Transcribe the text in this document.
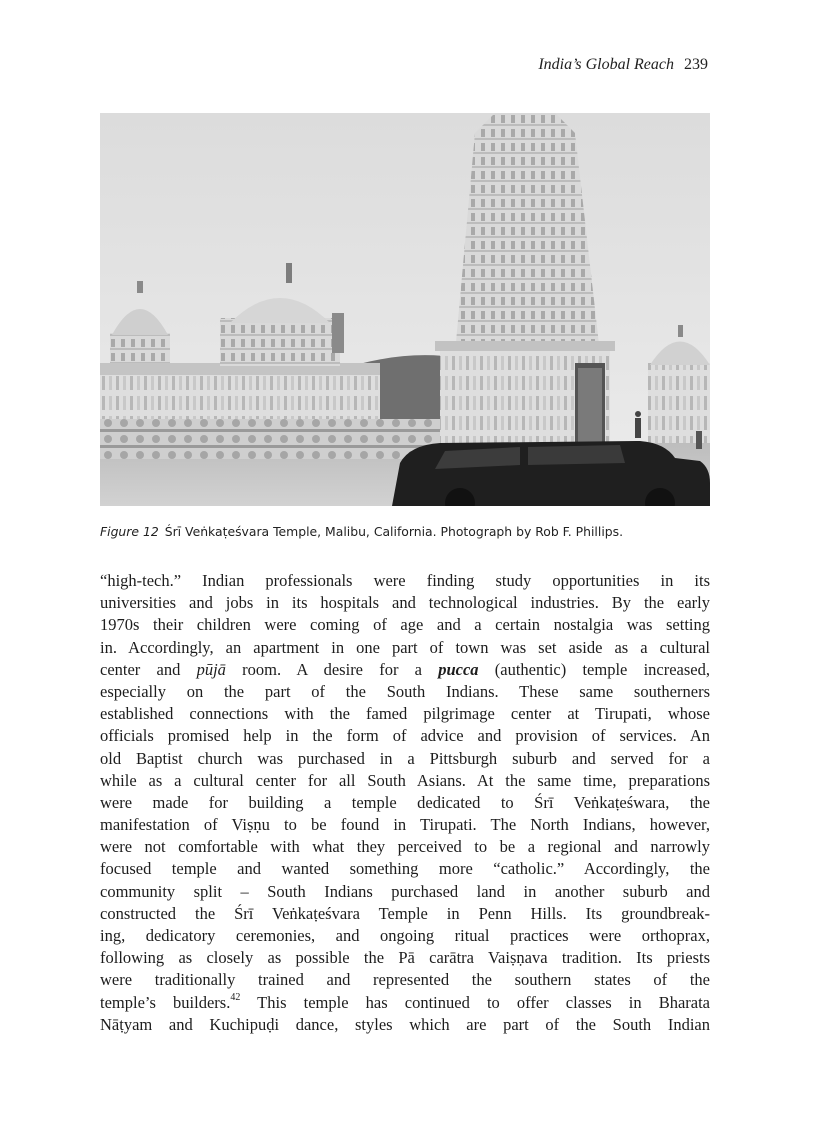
India’s Global Reach 239
Figure 12 Śrī Veṅkaṭeśvara Temple, Malibu, California. Photograph by Rob F. Phillips.
“high-tech.” Indian professionals were finding study opportunities in its
universities and jobs in its hospitals and technological industries. By the early
1970s their children were coming of age and a certain nostalgia was setting
in. Accordingly, an apartment in one part of town was set aside as a cultural
center and pūjā room. A desire for a pucca (authentic) temple increased,
especially on the part of the South Indians. These same southerners
established connections with the famed pilgrimage center at Tirupati, whose
officials promised help in the form of advice and provision of services. An
old Baptist church was purchased in a Pittsburgh suburb and served for a
while as a cultural center for all South Asians. At the same time, preparations
were made for building a temple dedicated to Śrī Veṅkaṭeśwara, the
manifestation of Viṣṇu to be found in Tirupati. The North Indians, however,
were not comfortable with what they perceived to be a regional and narrowly
focused temple and wanted something more “catholic.” Accordingly, the
community split – South Indians purchased land in another suburb and
constructed the Śrī Veṅkaṭeśvara Temple in Penn Hills. Its groundbreak-
ing, dedicatory ceremonies, and ongoing ritual practices were orthoprax,
following as closely as possible the Pā carātra Vaiṣṇava tradition. Its priests
were traditionally trained and represented the southern states of the
temple’s builders.$^{42}$ This temple has continued to offer classes in Bharata
Nāṭyam and Kuchipuḍi dance, styles which are part of the South Indian
